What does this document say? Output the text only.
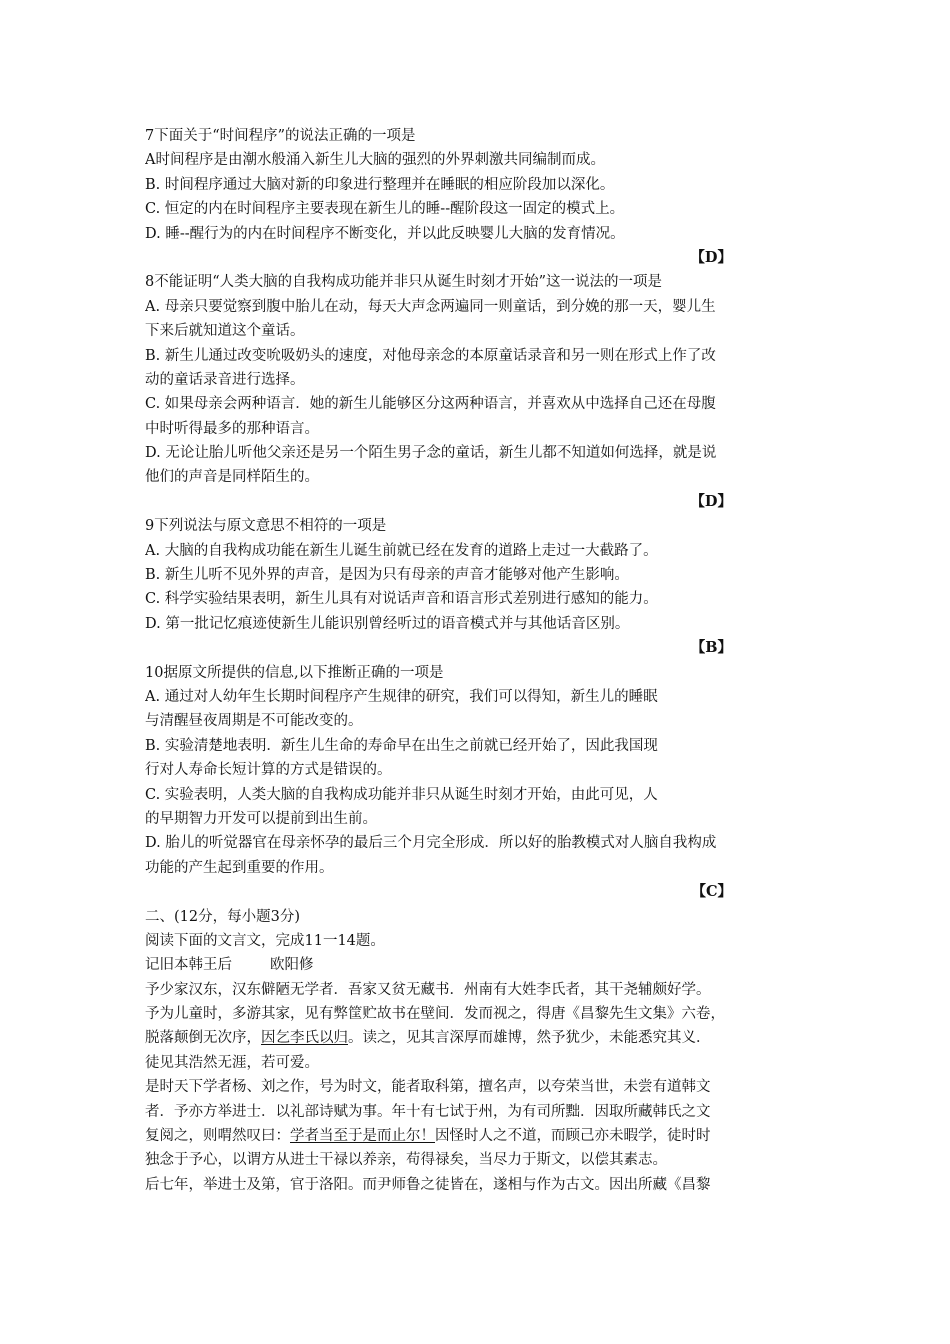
7下面关于“时间程序”的说法正确的一项是
A时间程序是由潮水般涌入新生儿大脑的强烈的外界刺激共同编制而成。
B. 时间程序通过大脑对新的印象进行整理并在睡眠的相应阶段加以深化。
C. 恒定的内在时间程序主要表现在新生儿的睡--醒阶段这一固定的模式上。
D. 睡--醒行为的内在时间程序不断变化，并以此反映婴儿大脑的发育情况。
【D】
8不能证明“人类大脑的自我构成功能并非只从诞生时刻才开始”这一说法的一项是
A. 母亲只要觉察到腹中胎儿在动，每天大声念两遍同一则童话，到分娩的那一天，婴儿生
下来后就知道这个童话。
B. 新生儿通过改变吮吸奶头的速度，对他母亲念的本原童话录音和另一则在形式上作了改
动的童话录音进行选择。
C. 如果母亲会两种语言．她的新生儿能够区分这两种语言，并喜欢从中选择自己还在母腹
中时听得最多的那种语言。
D. 无论让胎儿听他父亲还是另一个陌生男子念的童话，新生儿都不知道如何选择，就是说
他们的声音是同样陌生的。
【D】
9下列说法与原文意思不相符的一项是
A. 大脑的自我构成功能在新生儿诞生前就已经在发育的道路上走过一大截路了。
B. 新生儿听不见外界的声音，是因为只有母亲的声音才能够对他产生影响。
C. 科学实验结果表明，新生儿具有对说话声音和语言形式差别进行感知的能力。
D. 第一批记忆痕迹使新生儿能识别曾经听过的语音模式并与其他话音区别。
【B】
10据原文所提供的信息,以下推断正确的一项是
A. 通过对人幼年生长期时间程序产生规律的研究，我们可以得知，新生儿的睡眠
与清醒昼夜周期是不可能改变的。
B. 实验清楚地表明．新生儿生命的寿命早在出生之前就已经开始了，因此我国现
行对人寿命长短计算的方式是错误的。
C. 实验表明，人类大脑的自我构成功能并非只从诞生时刻才开始，由此可见，人
的早期智力开发可以提前到出生前。
D. 胎儿的听觉器官在母亲怀孕的最后三个月完全形成．所以好的胎教模式对人脑自我构成
功能的产生起到重要的作用。
【C】
二、(12分，每小题3分)
阅读下面的文言文，完成11一14题。
记旧本韩王后	欧阳修
予少家汉东，汉东僻陋无学者．吾家又贫无藏书．州南有大姓李氏者，其干尧辅颇好学。
予为儿童时，多游其家，见有弊筐贮故书在壁间．发而视之，得唐《昌黎先生文集》六卷，
脱落颠倒无次序，因乞李氏以归。读之，见其言深厚而雄博，然予犹少，未能悉究其义．
徒见其浩然无涯，若可爱。
是时天下学者杨、刘之作，号为时文，能者取科第，擅名声，以夸荣当世，未尝有道韩文
者．予亦方举进士．以礼部诗赋为事。年十有七试于州，为有司所黜．因取所藏韩氏之文
复阅之，则喟然叹曰：学者当至于是而止尔！因怪时人之不道，而顾己亦未暇学，徒时时
独念于予心，以谓方从进士干禄以养亲，苟得禄矣，当尽力于斯文，以偿其素志。
后七年，举进士及第，官于洛阳。而尹师鲁之徒皆在，遂相与作为古文。因出所藏《昌黎
